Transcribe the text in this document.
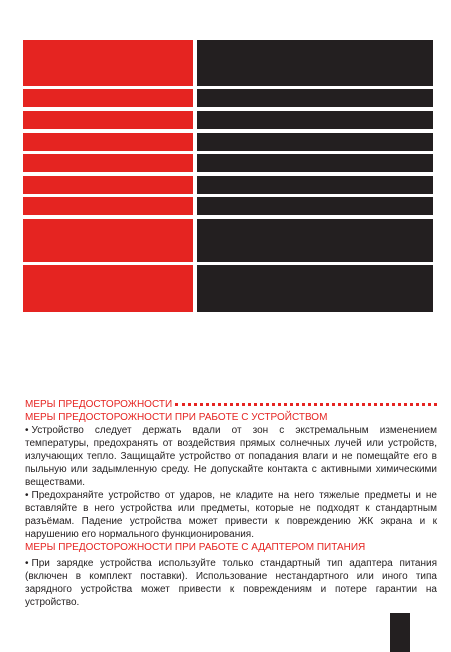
МЕРЫ ПРЕДОСТОРОЖНОСТИ
МЕРЫ ПРЕДОСТОРОЖНОСТИ ПРИ РАБОТЕ С УСТРОЙСТВОМ
• Устройство следует держать вдали от зон с экстремальным изменением температуры, предохранять от воздействия прямых солнечных лучей или устройств, излучающих тепло. Защищайте устройство от попадания влаги и не помещайте его в пыльную или задымленную среду. Не допускайте контакта с активными химическими веществами.
• Предохраняйте устройство от ударов, не кладите на него тяжелые предметы и не вставляйте в него устройства или предметы, которые не подходят к стандартным разъёмам. Падение устройства может привести к повреждению ЖК экрана и к нарушению его нормального функционирования.
МЕРЫ ПРЕДОСТОРОЖНОСТИ ПРИ РАБОТЕ С АДАПТЕРОМ ПИТАНИЯ
• При зарядке устройства используйте только стандартный тип адаптера питания (включен в комплект поставки). Использование нестандартного или иного типа зарядного устройства может привести к повреждениям и потере гарантии на устройство.
